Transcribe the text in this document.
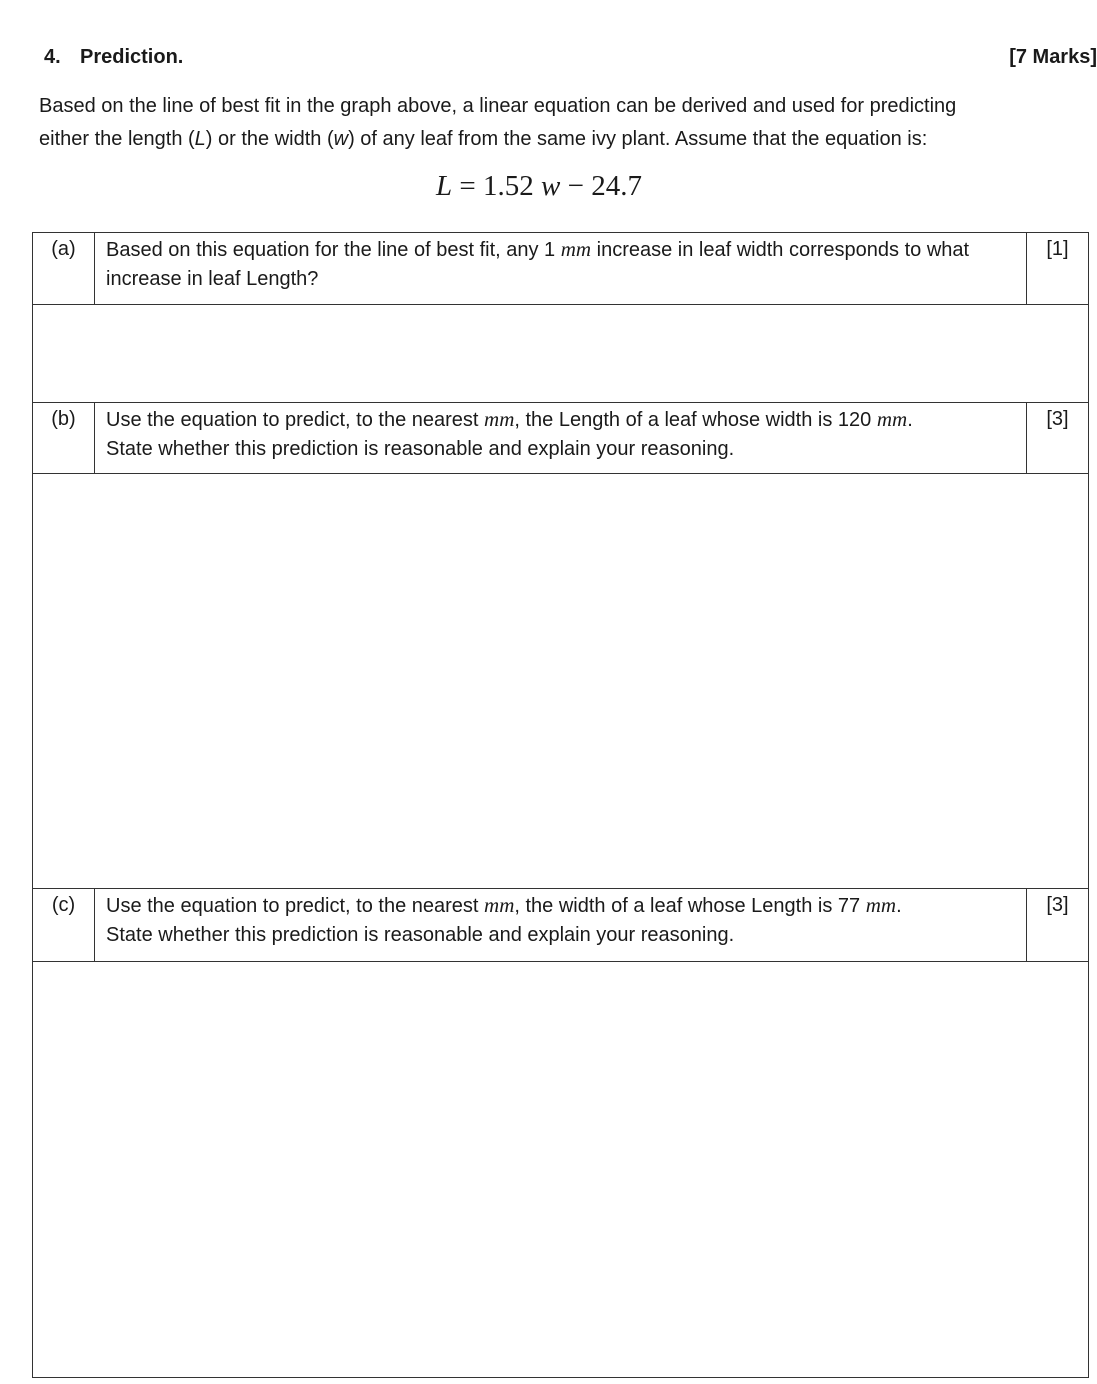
4. Prediction.	[7 Marks]

Based on the line of best fit in the graph above, a linear equation can be derived and used for predicting

either the length (L) or the width (w) of any leaf from the same ivy plant. Assume that the equation is:

L = 1.52 w − 24.7
(a)	Based on this equation for the line of best fit, any 1 mm increase in leaf width corresponds to what increase in leaf Length?	[1]

(b)	Use the equation to predict, to the nearest mm, the Length of a leaf whose width is 120 mm.
State whether this prediction is reasonable and explain your reasoning.	[3]

(c)	Use the equation to predict, to the nearest mm, the width of a leaf whose Length is 77 mm.
State whether this prediction is reasonable and explain your reasoning.	[3]
